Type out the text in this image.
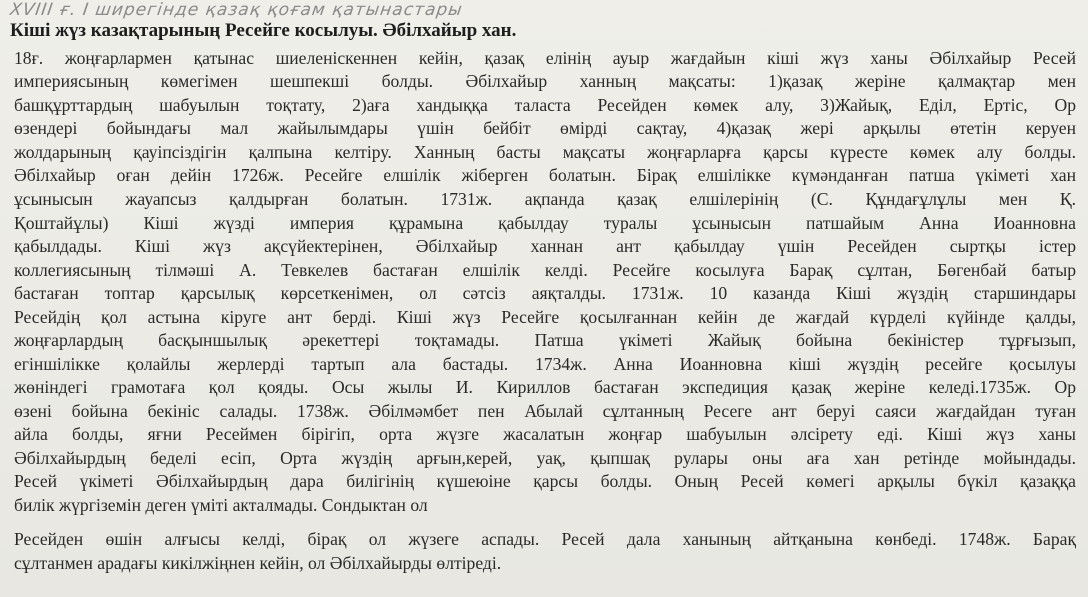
XVIII ғ. I ширегінде қазақ қоғам қатынастары
Кіші жүз казақтарының Ресейге косылуы. Әбілхайыр хан.
18ғ. жоңғарлармен қатынас шиеленіскеннен кейін, қазақ елінің ауыр жағдайын кіші жүз ханы Әбілхайыр Ресей
империясының көмегімен шешпекші болды. Әбілхайыр ханның мақсаты: 1)қазақ жеріне қалмақтар мен
башқұрттардың шабуылын тоқтату, 2)аға хандыққа таласта Ресейден көмек алу, 3)Жайық, Еділ, Ертіс, Ор
өзендері бойындағы мал жайылымдары үшін бейбіт өмірді сақтау, 4)қазақ жері арқылы өтетін керуен
жолдарының қауіпсіздігін қалпына келтіру. Ханның басты мақсаты жоңғарларға қарсы күресте көмек алу болды.
Әбілхайыр оған дейін 1726ж. Ресейге елшілік жіберген болатын. Бірақ елшілікке күмәнданған патша үкіметі хан
ұсынысын жауапсыз қалдырған болатын. 1731ж. ақпанда қазақ елшілерінің (С. Құндағұлұлы мен Қ.
Қоштайұлы) Кіші жүзді империя құрамына қабылдау туралы ұсынысын патшайым Анна Иоанновна
қабылдады. Кіші жүз ақсүйектерінен, Әбілхайыр ханнан ант қабылдау үшін Ресейден сыртқы істер
коллегиясының тілмәші А. Тевкелев бастаған елшілік келді. Ресейге косылуға Барақ сұлтан, Бөгенбай батыр
бастаған топтар қарсылық көрсеткенімен, ол сәтсіз аяқталды. 1731ж. 10 казанда Кіші жүздің старшиндары
Ресейдің қол астына кіруге ант берді. Кіші жүз Ресейге қосылғаннан кейін де жағдай күрделі күйінде қалды,
жоңғарлардың басқыншылық әрекеттері тоқтамады. Патша үкіметі Жайық бойына бекіністер тұрғызып,
егіншілікке қолайлы жерлерді тартып ала бастады. 1734ж. Анна Иоанновна кіші жүздің ресейге қосылуы
жөніндегі грамотаға қол қояды. Осы жылы И. Кириллов бастаған экспедиция қазақ жеріне келеді.1735ж. Ор
өзені бойына бекініс салады. 1738ж. Әбілмәмбет пен Абылай сұлтанның Ресеге ант беруі саяси жағдайдан туған
айла болды, яғни Ресеймен бірігіп, орта жүзге жасалатын жоңғар шабуылын әлсірету еді. Кіші жүз ханы
Әбілхайырдың беделі есіп, Орта жүздің арғын,керей, уақ, қыпшақ рулары оны аға хан ретінде мойындады.
Ресей үкіметі Әбілхайырдың дара билігінің күшеюіне қарсы болды. Оның Ресей көмегі арқылы бүкіл қазаққа
билік жүргіземін деген үміті акталмады. Сондыктан ол
Ресейден өшін алғысы келді, бірақ ол жүзеге аспады. Ресей дала ханының айтқанына көнбеді. 1748ж. Барақ
сұлтанмен арадағы кикілжіңнен кейін, ол Әбілхайырды өлтіреді.
